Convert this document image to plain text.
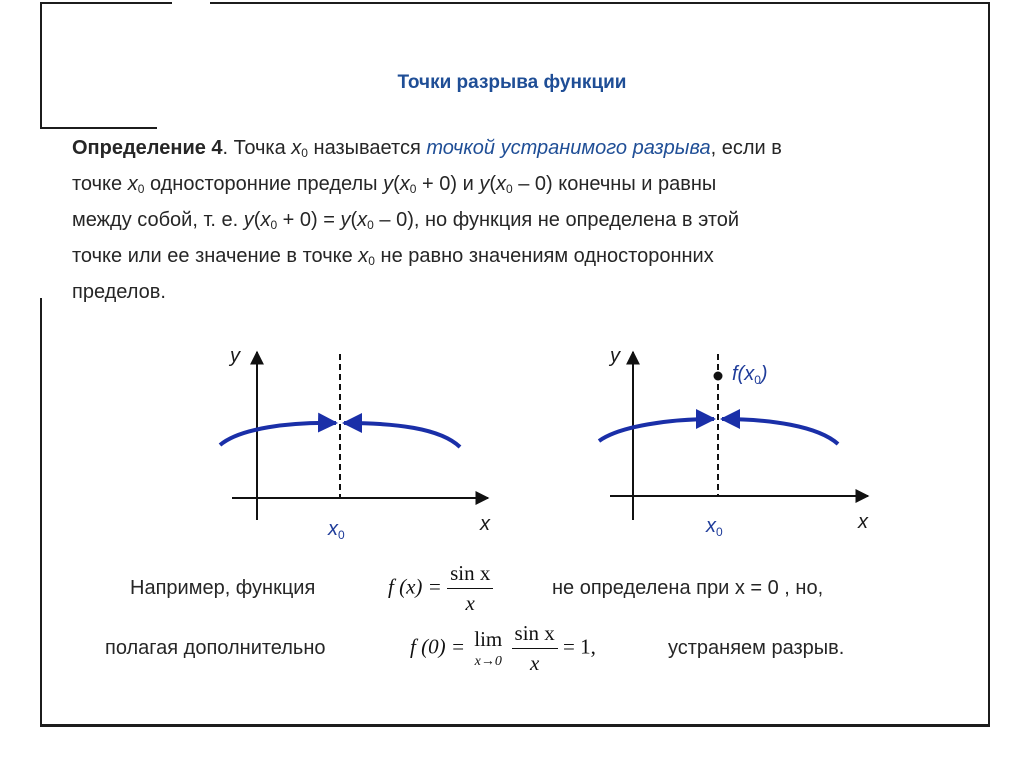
Точки разрыва функции
Определение 4. Точка $x_0$ называется точкой устранимого разрыва, если в
точке $x_0$ односторонние пределы $y(x_0 + 0)$ и $y(x_0 - 0)$ конечны и равны
между собой, т. е. $y(x_0 + 0) = y(x_0 - 0)$, но функция не определена в этой
точке или ее значение в точке $x_0$ не равно значениям односторонних
пределов.
y
x
$x_0$
y
x
$x_0$
$f(x_0)$
Например, функция	f $(x) = \frac{\text{sin x}}{x}$	не определена при x = 0 , но,
полагая дополнительно	f (0) = lim
x→0
$\frac{\text{sin x}}{x} = 1$,	устраняем разрыв.
